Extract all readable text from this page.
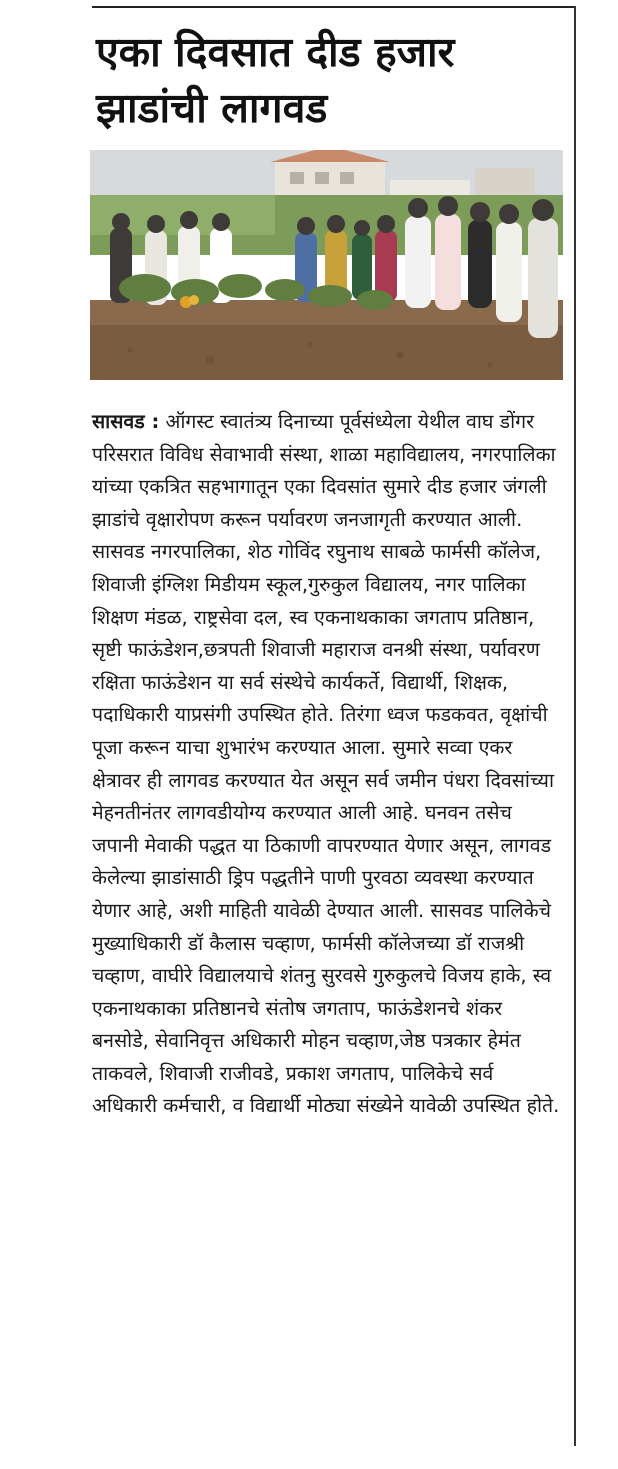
एका दिवसात दीड हजार झाडांची लागवड

सासवड : ऑगस्ट स्वातंत्र्य दिनाच्या पूर्वसंध्येला येथील वाघ डोंगर परिसरात विविध सेवाभावी संस्था, शाळा महाविद्यालय, नगरपालिका यांच्या एकत्रित सहभागातून एका दिवसांत सुमारे दीड हजार जंगली झाडांचे वृक्षारोपण करून पर्यावरण जनजागृती करण्यात आली. सासवड नगरपालिका, शेठ गोविंद रघुनाथ साबळे फार्मसी कॉलेज, शिवाजी इंग्लिश मिडीयम स्कूल,गुरुकुल विद्यालय, नगर पालिका शिक्षण मंडळ, राष्ट्रसेवा दल, स्व एकनाथकाका जगताप प्रतिष्ठान, सृष्टी फाऊंडेशन,छत्रपती शिवाजी महाराज वनश्री संस्था, पर्यावरण रक्षिता फाऊंडेशन या सर्व संस्थेचे कार्यकर्ते, विद्यार्थी, शिक्षक, पदाधिकारी याप्रसंगी उपस्थित होते. तिरंगा ध्वज फडकवत, वृक्षांची पूजा करून याचा शुभारंभ करण्यात आला. सुमारे सव्वा एकर क्षेत्रावर ही लागवड करण्यात येत असून सर्व जमीन पंधरा दिवसांच्या मेहनतीनंतर लागवडीयोग्य करण्यात आली आहे. घनवन तसेच जपानी मेवाकी पद्धत या ठिकाणी वापरण्यात येणार असून, लागवड केलेल्या झाडांसाठी ड्रिप पद्धतीने पाणी पुरवठा व्यवस्था करण्यात येणार आहे, अशी माहिती यावेळी देण्यात आली. सासवड पालिकेचे मुख्याधिकारी डॉ कैलास चव्हाण, फार्मसी कॉलेजच्या डॉ राजश्री चव्हाण, वाघीरे विद्यालयाचे शंतनु सुरवसे गुरुकुलचे विजय हाके, स्व एकनाथकाका प्रतिष्ठानचे संतोष जगताप, फाऊंडेशनचे शंकर बनसोडे, सेवानिवृत्त अधिकारी मोहन चव्हाण,जेष्ठ पत्रकार हेमंत ताकवले, शिवाजी राजीवडे, प्रकाश जगताप, पालिकेचे सर्व अधिकारी कर्मचारी, व विद्यार्थी मोठ्या संख्येने यावेळी उपस्थित होते.
